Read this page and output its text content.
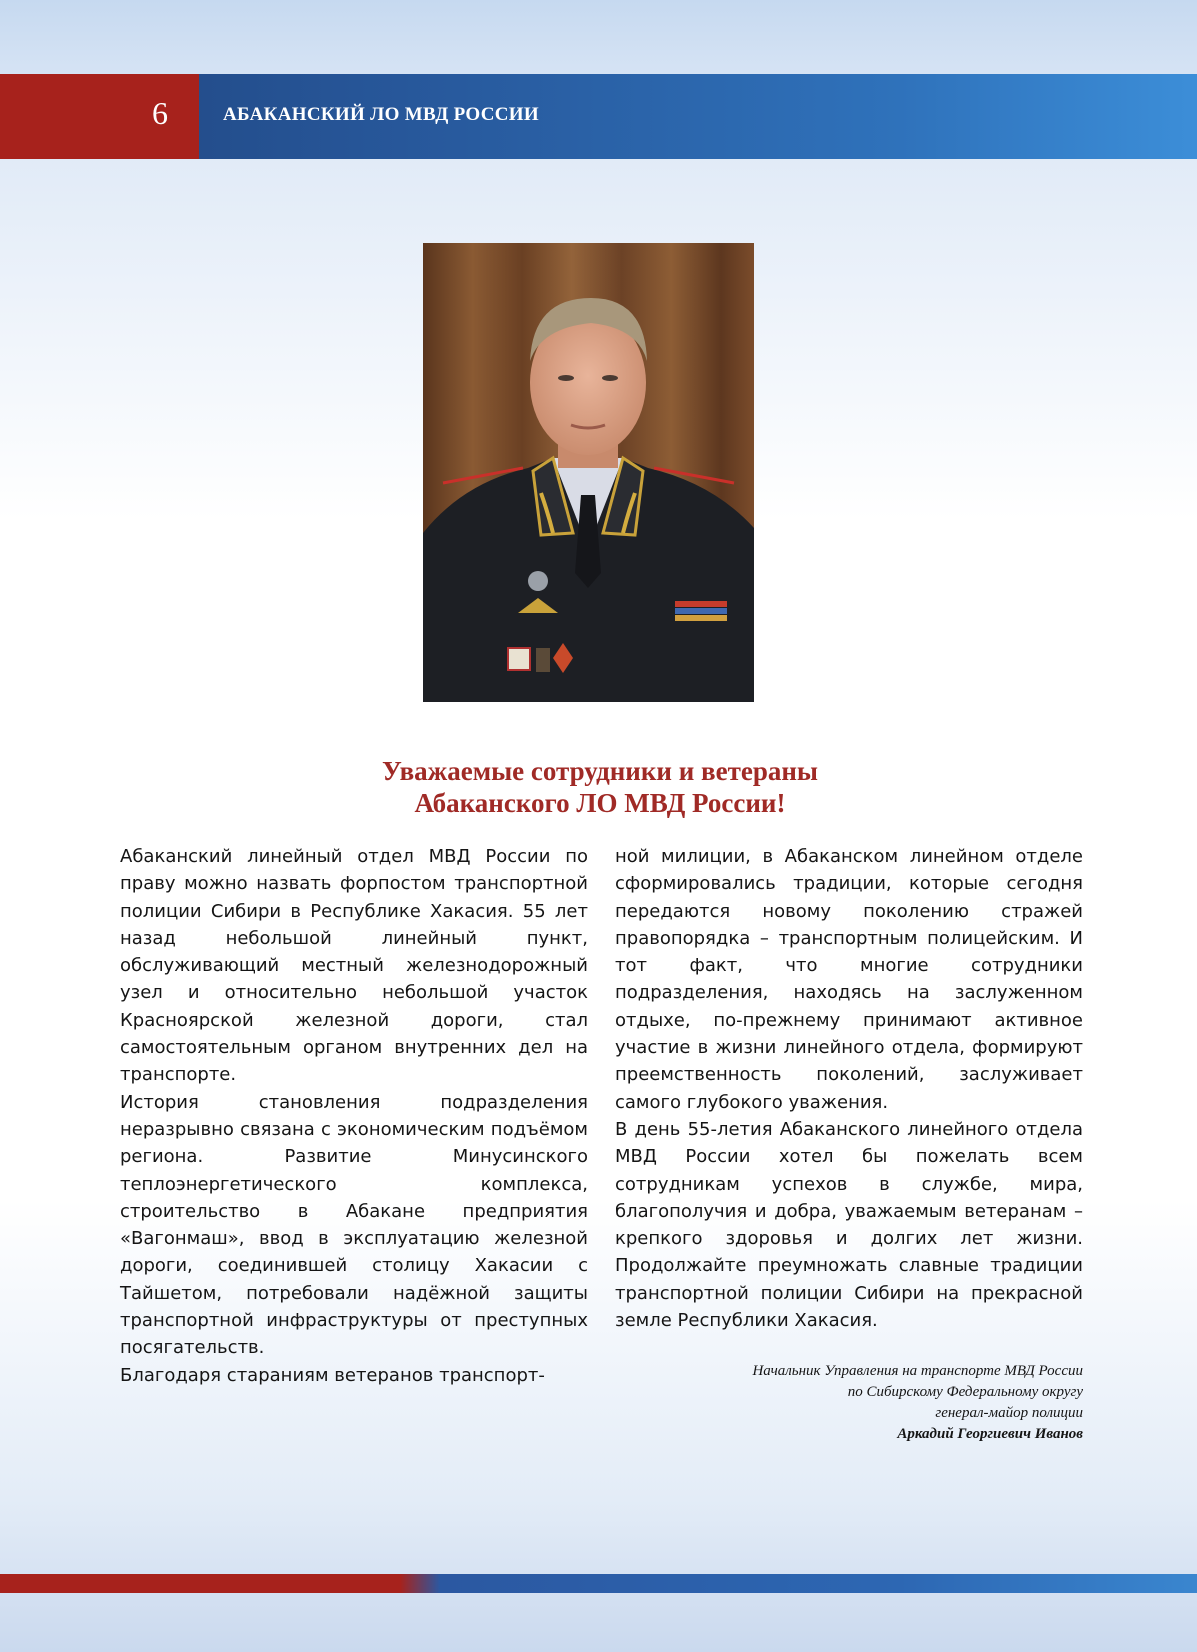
6	АБАКАНСКИЙ ЛО МВД РОССИИ
Уважаемые сотрудники и ветераны
Абаканского ЛО МВД России!

Абаканский линейный отдел МВД России по праву можно назвать форпостом транспортной полиции Сибири в Республике Хакасия. 55 лет назад небольшой линейный пункт, обслуживающий местный железнодорожный узел и относительно небольшой участок Красноярской железной дороги, стал самостоятельным органом внутренних дел на транспорте.

История становления подразделения неразрывно связана с экономическим подъёмом региона. Развитие Минусинского теплоэнергетического комплекса, строительство в Абакане предприятия «Вагонмаш», ввод в эксплуатацию железной дороги, соединившей столицу Хакасии с Тайшетом, потребовали надёжной защиты транспортной инфраструктуры от преступных посягательств.

Благодаря стараниям ветеранов транспорт-

ной милиции, в Абаканском линейном отделе сформировались традиции, которые сегодня передаются новому поколению стражей правопорядка – транспортным полицейским. И тот факт, что многие сотрудники подразделения, находясь на заслуженном отдыхе, по-прежнему принимают активное участие в жизни линейного отдела, формируют преемственность поколений, заслуживает самого глубокого уважения.

В день 55-летия Абаканского линейного отдела МВД России хотел бы пожелать всем сотрудникам успехов в службе, мира, благополучия и добра, уважаемым ветеранам – крепкого здоровья и долгих лет жизни. Продолжайте преумножать славные традиции транспортной полиции Сибири на прекрасной земле Республики Хакасия.

Начальник Управления на транспорте МВД России
по Сибирскому Федеральному округу
генерал-майор полиции
Аркадий Георгиевич Иванов
